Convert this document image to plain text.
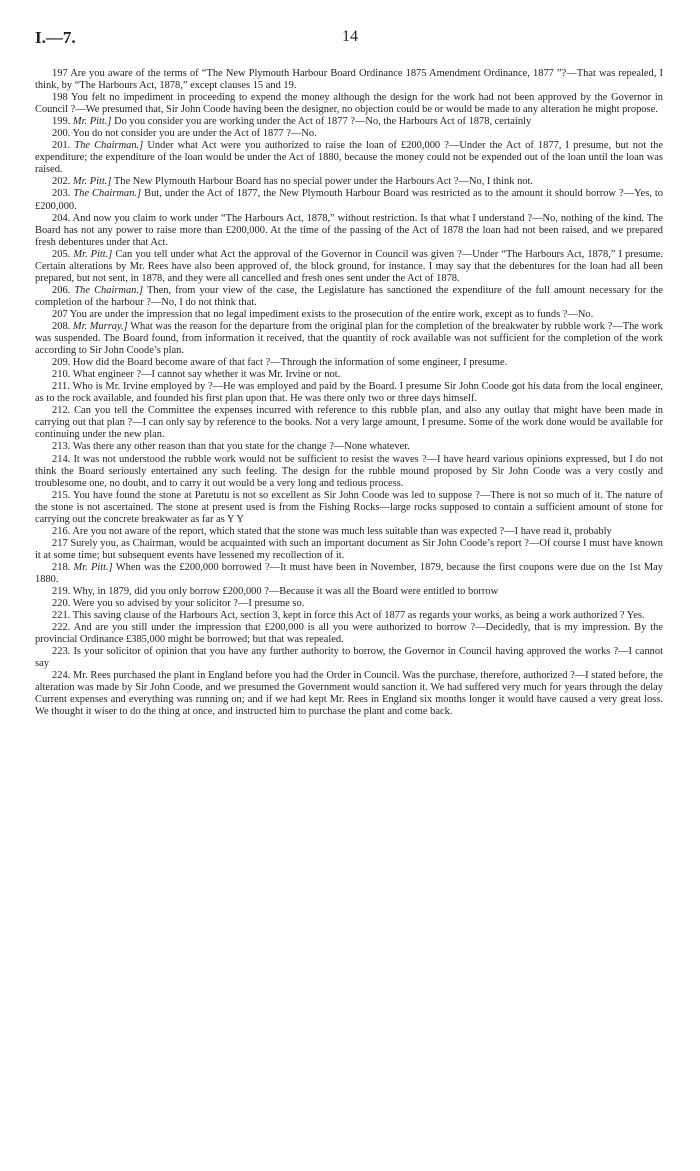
I.—7.	14

197 Are you aware of the terms of “The New Plymouth Harbour Board Ordinance 1875 Amendment Ordinance, 1877 ”?—That was repealed, I think, by “The Harbours Act, 1878,” except clauses 15 and 19.

198 You felt no impediment in proceeding to expend the money although the design for the work had not been approved by the Governor in Council ?—We presumed that, Sir John Coode having been the designer, no objection could be or would be made to any alteration he might propose.

199. Mr. Pitt.] Do you consider you are working under the Act of 1877 ?—No, the Harbours Act of 1878, certainly

200. You do not consider you are under the Act of 1877 ?—No.

201. The Chairman.] Under what Act were you authorized to raise the loan of £200,000 ?—Under the Act of 1877, I presume, but not the expenditure; the expenditure of the loan would be under the Act of 1880, because the money could not be expended out of the loan until the loan was raised.

202. Mr. Pitt.] The New Plymouth Harbour Board has no special power under the Harbours Act ?—No, I think not.

203. The Chairman.] But, under the Act of 1877, the New Plymouth Harbour Board was restricted as to the amount it should borrow ?—Yes, to £200,000.

204. And now you claim to work under “The Harbours Act, 1878,” without restriction. Is that what I understand ?—No, nothing of the kind. The Board has not any power to raise more than £200,000. At the time of the passing of the Act of 1878 the loan had not been raised, and we prepared fresh debentures under that Act.

205. Mr. Pitt.] Can you tell under what Act the approval of the Governor in Council was given ?—Under “The Harbours Act, 1878,” I presume. Certain alterations by Mr. Rees have also been approved of, the block ground, for instance. I may say that the debentures for the loan had all been prepared, but not sent, in 1878, and they were all cancelled and fresh ones sent under the Act of 1878.

206. The Chairman.] Then, from your view of the case, the Legislature has sanctioned the expenditure of the full amount necessary for the completion of the harbour ?—No, I do not think that.

207 You are under the impression that no legal impediment exists to the prosecution of the entire work, except as to funds ?—No.

208. Mr. Murray.] What was the reason for the departure from the original plan for the completion of the breakwater by rubble work ?—The work was suspended. The Board found, from information it received, that the quantity of rock available was not sufficient for the completion of the work according to Sir John Coode’s plan.

209. How did the Board become aware of that fact ?—Through the information of some engineer, I presume.

210. What engineer ?—I cannot say whether it was Mr. Irvine or not.

211. Who is Mr. Irvine employed by ?—He was employed and paid by the Board. I presume Sir John Coode got his data from the local engineer, as to the rock available, and founded his first plan upon that. He was there only two or three days himself.

212. Can you tell the Committee the expenses incurred with reference to this rubble plan, and also any outlay that might have been made in carrying out that plan ?—I can only say by reference to the books. Not a very large amount, I presume. Some of the work done would be available for continuing under the new plan.

213. Was there any other reason than that you state for the change ?—None whatever.

214. It was not understood the rubble work would not be sufficient to resist the waves ?—I have heard various opinions expressed, but I do not think the Board seriously entertained any such feeling. The design for the rubble mound proposed by Sir John Coode was a very costly and troublesome one, no doubt, and to carry it out would be a very long and tedious process.

215. You have found the stone at Paretutu is not so excellent as Sir John Coode was led to suppose ?—There is not so much of it. The nature of the stone is not ascertained. The stone at present used is from the Fishing Rocks—large rocks supposed to contain a sufficient amount of stone for carrying out the concrete breakwater as far as Y Y

216. Are you not aware of the report, which stated that the stone was much less suitable than was expected ?—I have read it, probably

217 Surely you, as Chairman, would be acquainted with such an important document as Sir John Coode’s report ?—Of course I must have known it at some time; but subsequent events have lessened my recollection of it.

218. Mr. Pitt.] When was the £200,000 borrowed ?—It must have been in November, 1879, because the first coupons were due on the 1st May 1880.

219. Why, in 1879, did you only borrow £200,000 ?—Because it was all the Board were entitled to borrow

220. Were you so advised by your solicitor ?—I presume so.

221. This saving clause of the Harbours Act, section 3, kept in force this Act of 1877 as regards your works, as being a work authorized ? Yes.

222. And are you still under the impression that £200,000 is all you were authorized to borrow ?—Decidedly, that is my impression. By the provincial Ordinance £385,000 might be borrowed; but that was repealed.

223. Is your solicitor of opinion that you have any further authority to borrow, the Governor in Council having approved the works ?—I cannot say

224. Mr. Rees purchased the plant in England before you had the Order in Council. Was the purchase, therefore, authorized ?—I stated before, the alteration was made by Sir John Coode, and we presumed the Government would sanction it. We had suffered very much for years through the delay Current expenses and everything was running on; and if we had kept Mr. Rees in England six months longer it would have caused a very great loss. We thought it wiser to do the thing at once, and instructed him to purchase the plant and come back.
